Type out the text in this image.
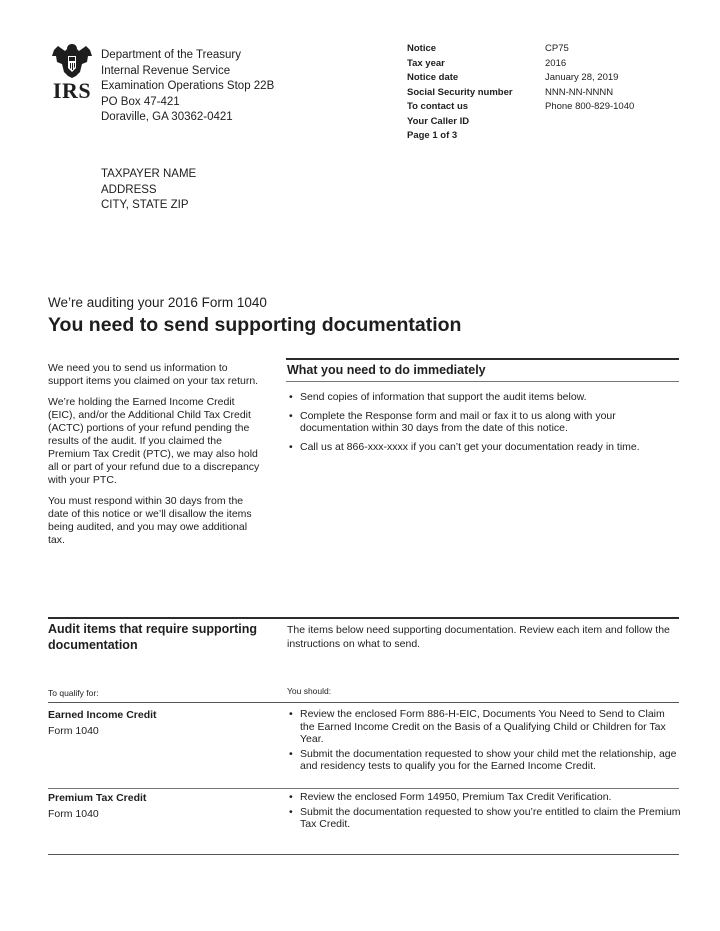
IRS
Department of the Treasury
Internal Revenue Service
Examination Operations Stop 22B
PO Box 47-421
Doraville, GA 30362-0421
Notice	CP75
Tax year	2016
Notice date	January 28, 2019
Social Security number	NNN-NN-NNNN
To contact us	Phone 800-829-1040
Your Caller ID
Page 1 of 3
TAXPAYER NAME
ADDRESS
CITY, STATE ZIP
We’re auditing your 2016 Form 1040
You need to send supporting documentation

We need you to send us information to support items you claimed on your tax return.

We’re holding the Earned Income Credit (EIC), and/or the Additional Child Tax Credit (ACTC) portions of your refund pending the results of the audit. If you claimed the Premium Tax Credit (PTC), we may also hold all or part of your refund due to a discrepancy with your PTC.

You must respond within 30 days from the date of this notice or we’ll disallow the items being audited, and you may owe additional tax.

What you need to do immediately
• Send copies of information that support the audit items below.
• Complete the Response form and mail or fax it to us along with your documentation within 30 days from the date of this notice.
• Call us at 866-xxx-xxxx if you can’t get your documentation ready in time.
Audit items that require supporting documentation
The items below need supporting documentation. Review each item and follow the instructions on what to send.
To qualify for:	You should:
Earned Income Credit
Form 1040
• Review the enclosed Form 886-H-EIC, Documents You Need to Send to Claim the Earned Income Credit on the Basis of a Qualifying Child or Children for Tax Year.
• Submit the documentation requested to show your child met the relationship, age and residency tests to qualify you for the Earned Income Credit.
Premium Tax Credit
Form 1040
• Review the enclosed Form 14950, Premium Tax Credit Verification.
• Submit the documentation requested to show you’re entitled to claim the Premium Tax Credit.
